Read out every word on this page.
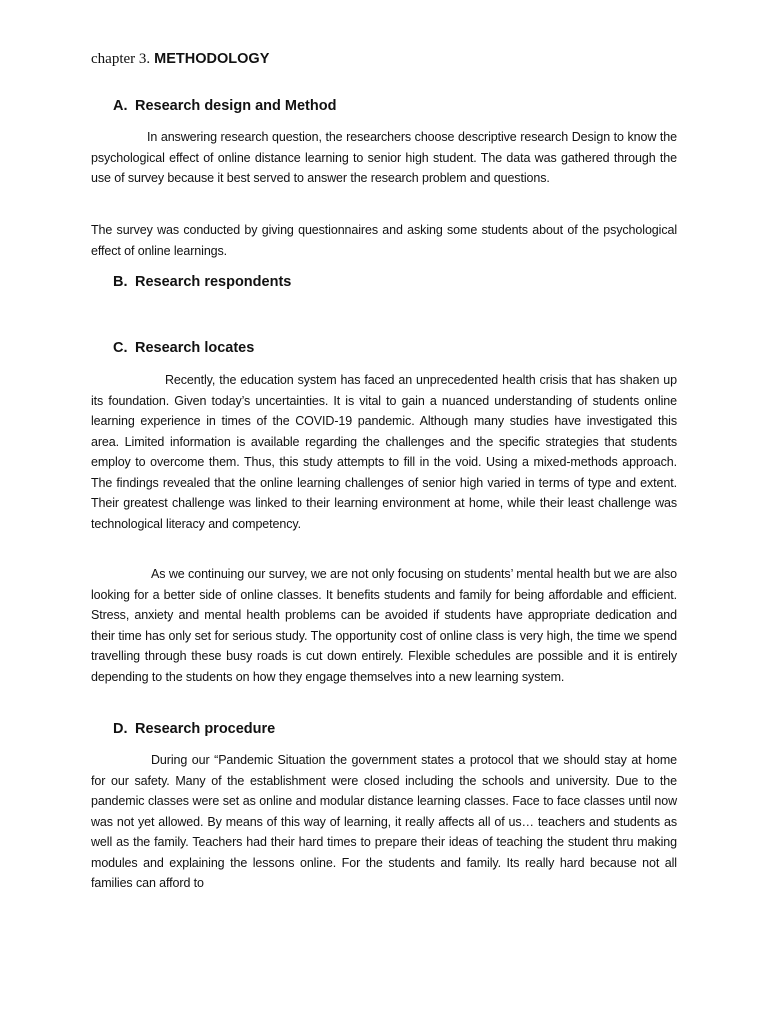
chapter 3. METHODOLOGY
A. Research design and Method

In answering research question, the researchers choose descriptive research Design to know the psychological effect of online distance learning to senior high student. The data was gathered through the use of survey because it best served to answer the research problem and questions.

The survey was conducted by giving questionnaires and asking some students about of the psychological effect of online learnings.

B. Research respondents
C. Research locates

Recently, the education system has faced an unprecedented health crisis that has shaken up its foundation. Given today’s uncertainties. It is vital to gain a nuanced understanding of students online learning experience in times of the COVID-19 pandemic. Although many studies have investigated this area. Limited information is available regarding the challenges and the specific strategies that students employ to overcome them. Thus, this study attempts to fill in the void. Using a mixed-methods approach. The findings revealed that the online learning challenges of senior high varied in terms of type and extent. Their greatest challenge was linked to their learning environment at home, while their least challenge was technological literacy and competency.

As we continuing our survey, we are not only focusing on students’ mental health but we are also looking for a better side of online classes. It benefits students and family for being affordable and efficient. Stress, anxiety and mental health problems can be avoided if students have appropriate dedication and their time has only set for serious study. The opportunity cost of online class is very high, the time we spend travelling through these busy roads is cut down entirely. Flexible schedules are possible and it is entirely depending to the students on how they engage themselves into a new learning system.

D. Research procedure

During our “Pandemic Situation the government states a protocol that we should stay at home for our safety. Many of the establishment were closed including the schools and university. Due to the pandemic classes were set as online and modular distance learning classes. Face to face classes until now was not yet allowed. By means of this way of learning, it really affects all of us… teachers and students as well as the family. Teachers had their hard times to prepare their ideas of teaching the student thru making modules and explaining the lessons online. For the students and family. Its really hard because not all families can afford to
